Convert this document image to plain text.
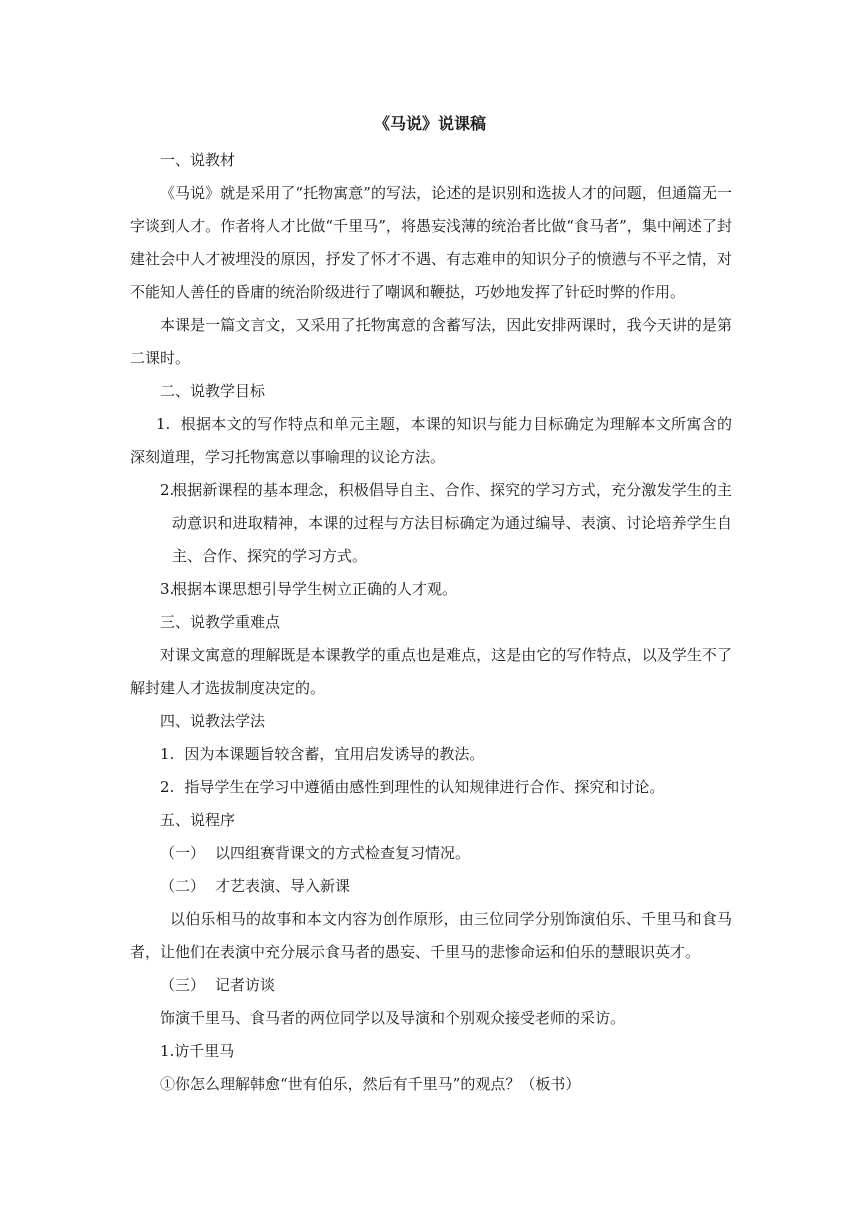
《马说》说课稿

一、说教材

《马说》就是采用了“托物寓意”的写法，论述的是识别和选拔人才的问题，但通篇无一字谈到人才。作者将人才比做“千里马”，将愚妄浅薄的统治者比做“食马者”，集中阐述了封建社会中人才被埋没的原因，抒发了怀才不遇、有志难申的知识分子的愤懑与不平之情，对不能知人善任的昏庸的统治阶级进行了嘲讽和鞭挞，巧妙地发挥了针砭时弊的作用。

本课是一篇文言文，又采用了托物寓意的含蓄写法，因此安排两课时，我今天讲的是第二课时。

二、说教学目标

1. 根据本文的写作特点和单元主题，本课的知识与能力目标确定为理解本文所寓含的深刻道理，学习托物寓意以事喻理的议论方法。

2.根据新课程的基本理念，积极倡导自主、合作、探究的学习方式，充分激发学生的主动意识和进取精神，本课的过程与方法目标确定为通过编导、表演、讨论培养学生自主、合作、探究的学习方式。

3.根据本课思想引导学生树立正确的人才观。

三、说教学重难点

对课文寓意的理解既是本课教学的重点也是难点，这是由它的写作特点，以及学生不了解封建人才选拔制度决定的。

四、说教法学法

1. 因为本课题旨较含蓄，宜用启发诱导的教法。

2. 指导学生在学习中遵循由感性到理性的认知规律进行合作、探究和讨论。

五、说程序

（一） 以四组赛背课文的方式检查复习情况。

（二） 才艺表演、导入新课

以伯乐相马的故事和本文内容为创作原形，由三位同学分别饰演伯乐、千里马和食马者，让他们在表演中充分展示食马者的愚妄、千里马的悲惨命运和伯乐的慧眼识英才。

（三） 记者访谈

饰演千里马、食马者的两位同学以及导演和个别观众接受老师的采访。

1.访千里马

①你怎么理解韩愈“世有伯乐，然后有千里马”的观点？（板书）
